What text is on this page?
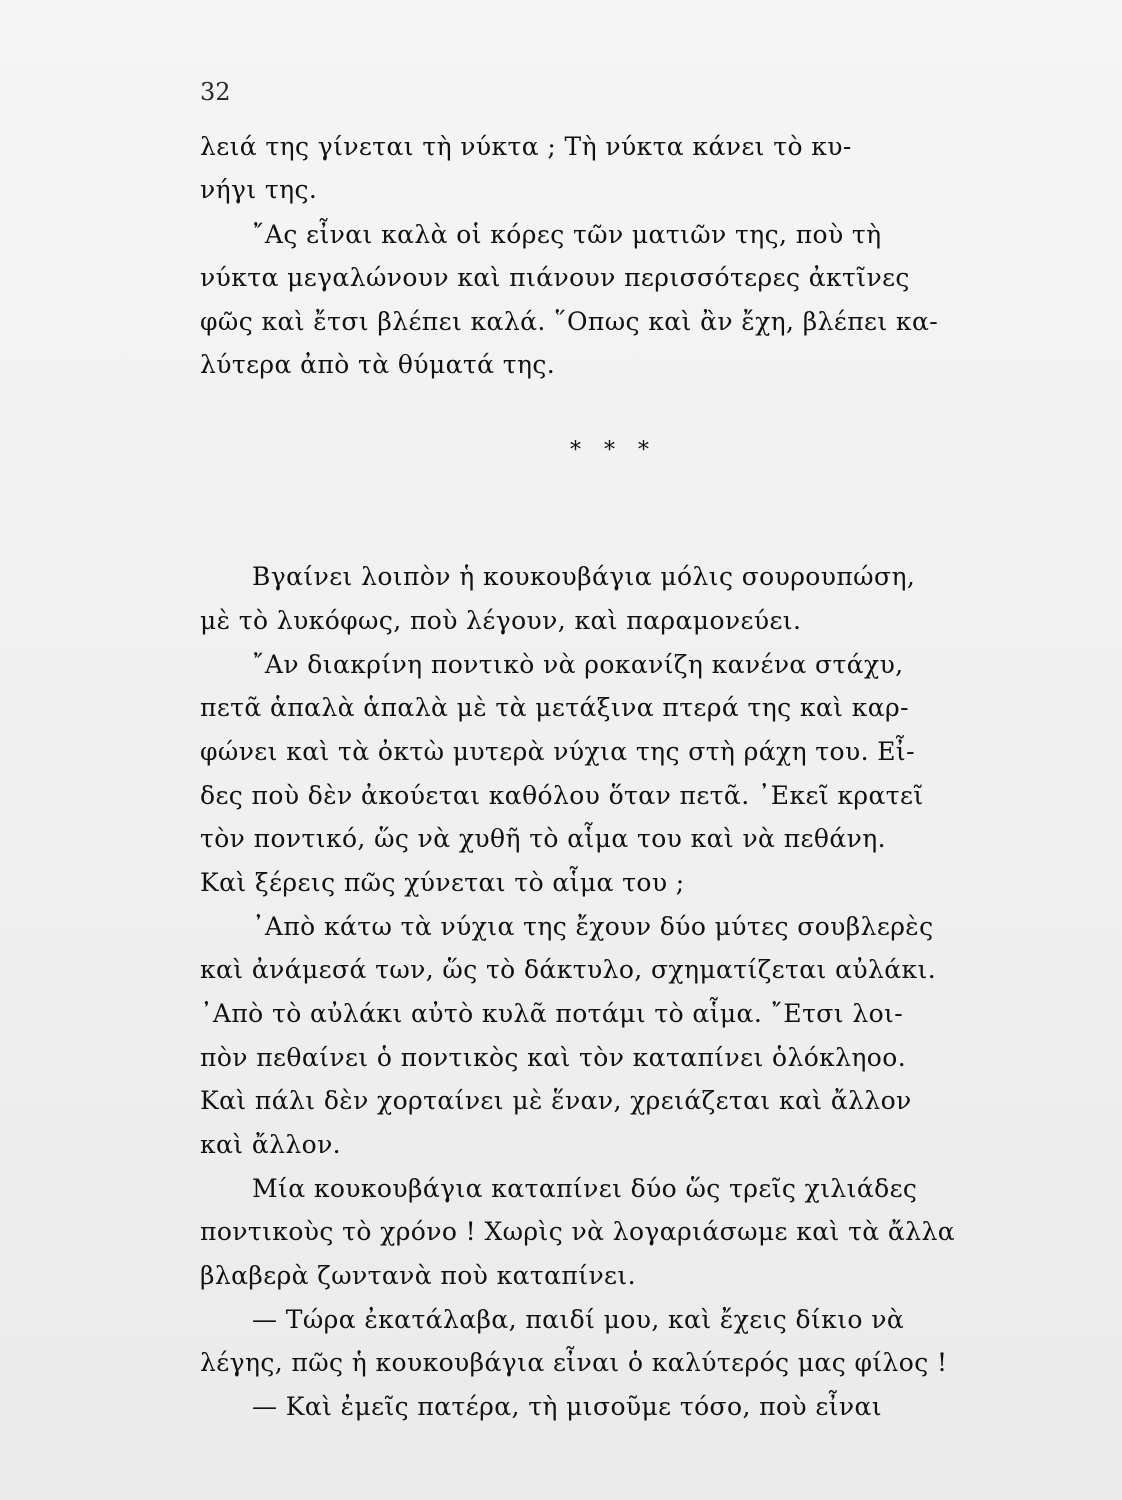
32
λειά της γίνεται τὴ νύκτα ; Τὴ νύκτα κάνει τὸ κυ-
νήγι της.
῎Ας εἶναι καλὰ οἱ κόρες τῶν ματιῶν της, ποὺ τὴ
νύκτα μεγαλώνουν καὶ πιάνουν περισσότερες ἀκτῖνες
φῶς καὶ ἔτσι βλέπει καλά. ῞Οπως καὶ ἂν ἔχη, βλέπει κα-
λύτερα ἀπὸ τὰ θύματά της.
* * *
Βγαίνει λοιπὸν ἡ κουκουβάγια μόλις σουρουπώση,
μὲ τὸ λυκόφως, ποὺ λέγουν, καὶ παραμονεύει.
῎Αν διακρίνη ποντικὸ νὰ ροκανίζη κανένα στάχυ,
πετᾶ ἁπαλὰ ἁπαλὰ μὲ τὰ μετάξινα πτερά της καὶ καρ-
φώνει καὶ τὰ ὀκτὼ μυτερὰ νύχια της στὴ ράχη του. Εἶ-
δες ποὺ δὲν ἀκούεται καθόλου ὅταν πετᾶ. ᾿Εκεῖ κρατεῖ
τὸν ποντικό, ὥς νὰ χυθῆ τὸ αἷμα του καὶ νὰ πεθάνη.
Καὶ ξέρεις πῶς χύνεται τὸ αἷμα του ;
᾿Απὸ κάτω τὰ νύχια της ἔχουν δύο μύτες σουβλερὲς
καὶ ἀνάμεσά των, ὥς τὸ δάκτυλο, σχηματίζεται αὐλάκι.
᾿Απὸ τὸ αὐλάκι αὐτὸ κυλᾶ ποτάμι τὸ αἷμα. ῎Ετσι λοι-
πὸν πεθαίνει ὁ ποντικὸς καὶ τὸν καταπίνει ὁλόκληοο.
Καὶ πάλι δὲν χορταίνει μὲ ἕναν, χρειάζεται καὶ ἄλλον
καὶ ἄλλον.
Μία κουκουβάγια καταπίνει δύο ὥς τρεῖς χιλιάδες
ποντικοὺς τὸ χρόνο ! Χωρὶς νὰ λογαριάσωμε καὶ τὰ ἄλλα
βλαβερὰ ζωντανὰ ποὺ καταπίνει.
— Τώρα ἐκατάλαβα, παιδί μου, καὶ ἔχεις δίκιο νὰ
λέγης, πῶς ἡ κουκουβάγια εἶναι ὁ καλύτερός μας φίλος !
— Καὶ ἐμεῖς πατέρα, τὴ μισοῦμε τόσο, ποὺ εἶναι
